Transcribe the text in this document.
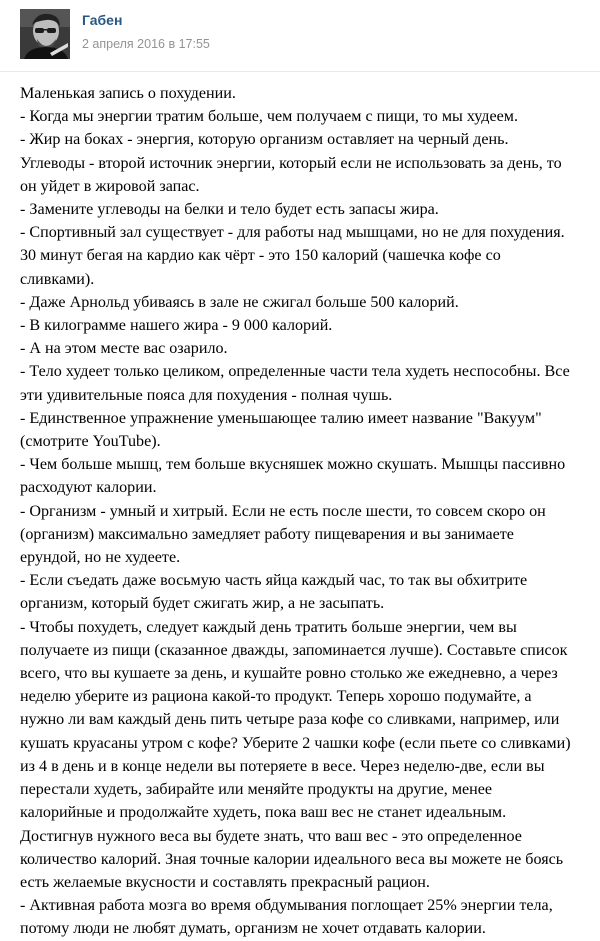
Габен
2 апреля 2016 в 17:55
Маленькая запись о похудении.
- Когда мы энергии тратим больше, чем получаем с пищи, то мы худеем.
- Жир на боках - энергия, которую организм оставляет на черный день.
Углеводы - второй источник энергии, который если не использовать за день, то
он уйдет в жировой запас.
- Замените углеводы на белки и тело будет есть запасы жира.
- Спортивный зал существует - для работы над мышцами, но не для похудения.
30 минут бегая на кардио как чёрт - это 150 калорий (чашечка кофе со
сливками).
- Даже Арнольд убиваясь в зале не сжигал больше 500 калорий.
- В килограмме нашего жира - 9 000 калорий.
- А на этом месте вас озарило.
- Тело худеет только целиком, определенные части тела худеть неспособны. Все
эти удивительные пояса для похудения - полная чушь.
- Единственное упражнение уменьшающее талию имеет название "Вакуум"
(смотрите YouTube).
- Чем больше мышц, тем больше вкусняшек можно скушать. Мышцы пассивно
расходуют калории.
- Организм - умный и хитрый. Если не есть после шести, то совсем скоро он
(организм) максимально замедляет работу пищеварения и вы занимаете
ерундой, но не худеете.
- Если съедать даже восьмую часть яйца каждый час, то так вы обхитрите
организм, который будет сжигать жир, а не засыпать.
- Чтобы похудеть, следует каждый день тратить больше энергии, чем вы
получаете из пищи (сказанное дважды, запоминается лучше). Составьте список
всего, что вы кушаете за день, и кушайте ровно столько же ежедневно, а через
неделю уберите из рациона какой-то продукт. Теперь хорошо подумайте, а
нужно ли вам каждый день пить четыре раза кофе со сливками, например, или
кушать круасаны утром с кофе? Уберите 2 чашки кофе (если пьете со сливками)
из 4 в день и в конце недели вы потеряете в весе. Через неделю-две, если вы
перестали худеть, забирайте или меняйте продукты на другие, менее
калорийные и продолжайте худеть, пока ваш вес не станет идеальным.
Достигнув нужного веса вы будете знать, что ваш вес - это определенное
количество калорий. Зная точные калории идеального веса вы можете не боясь
есть желаемые вкусности и составлять прекрасный рацион.
- Активная работа мозга во время обдумывания поглощает 25% энергии тела,
потому люди не любят думать, организм не хочет отдавать калории.
